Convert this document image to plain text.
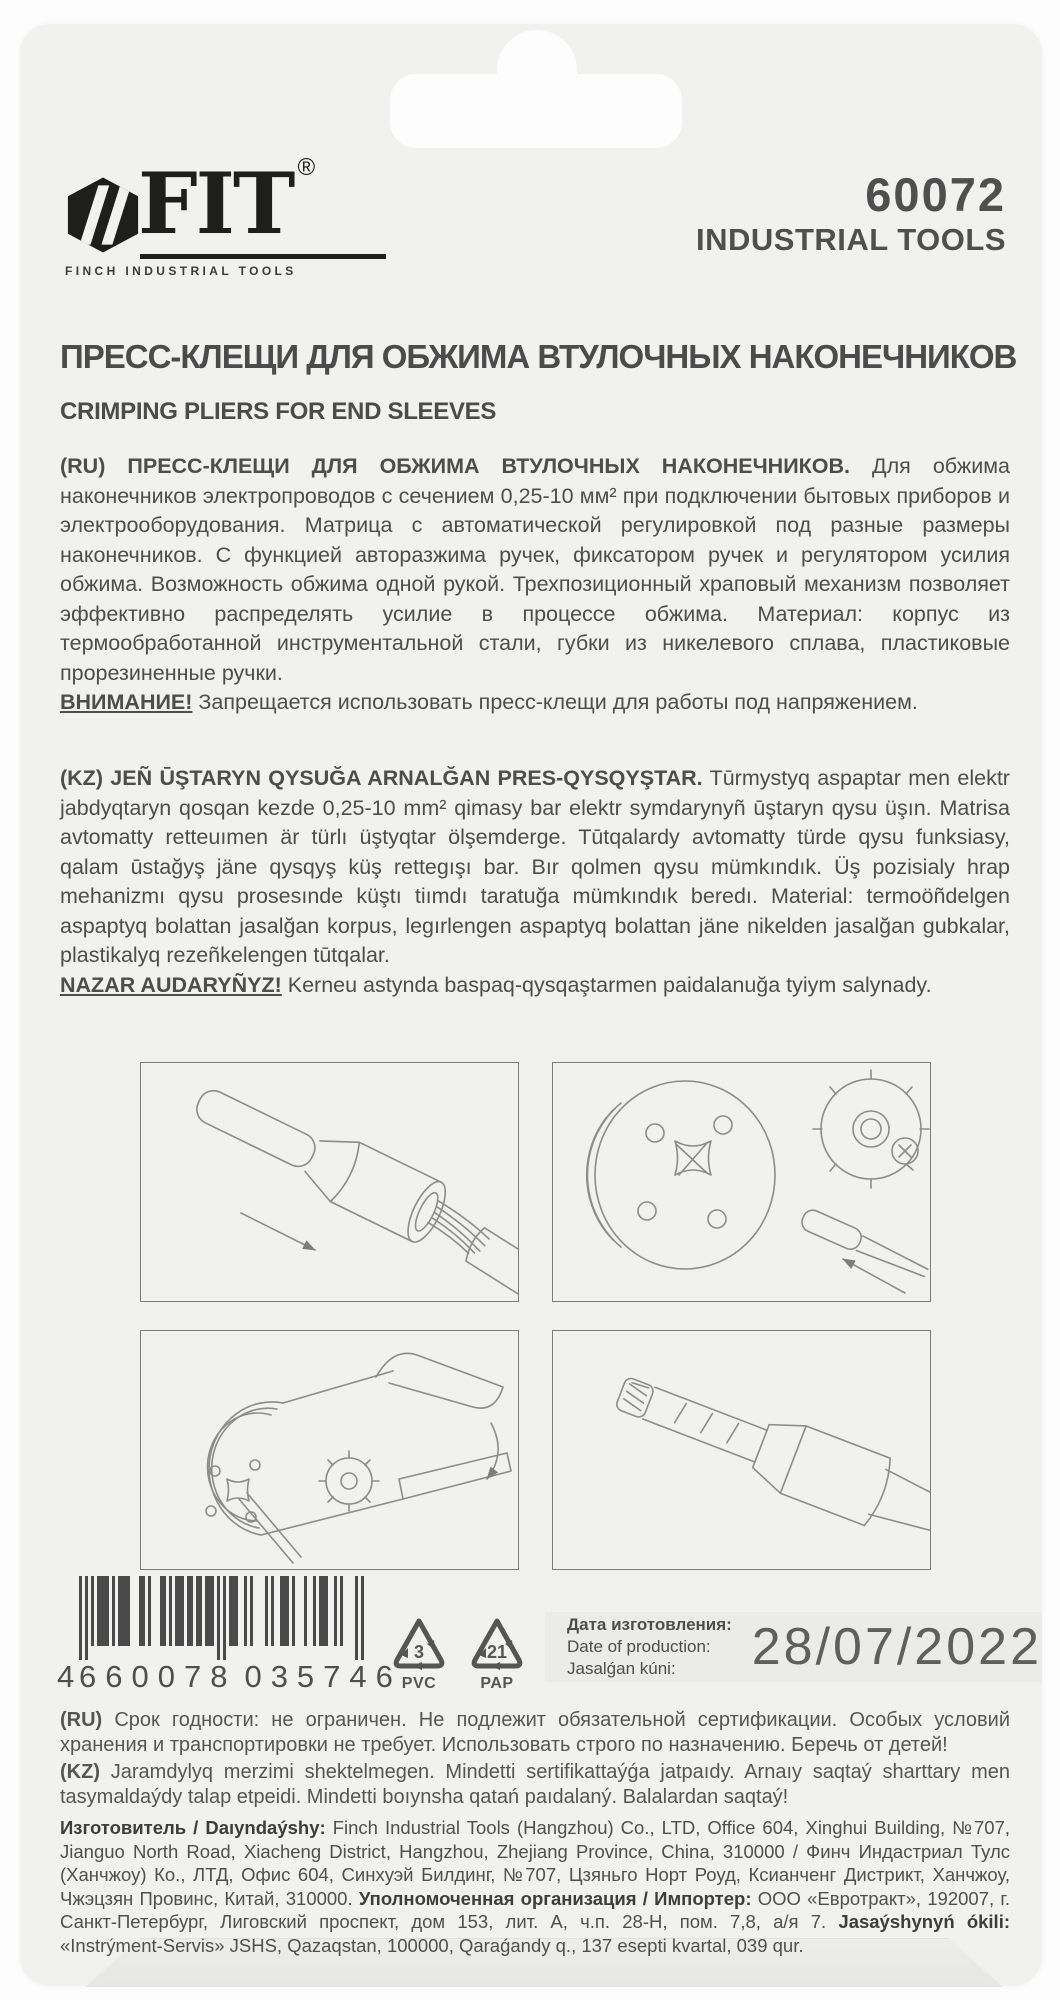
FIT ®
FINCH INDUSTRIAL TOOLS
60072
INDUSTRIAL TOOLS
ПРЕСС-КЛЕЩИ ДЛЯ ОБЖИМА ВТУЛОЧНЫХ НАКОНЕЧНИКОВ
CRIMPING PLIERS FOR END SLEEVES

(RU) ПРЕСС-КЛЕЩИ ДЛЯ ОБЖИМА ВТУЛОЧНЫХ НАКОНЕЧНИКОВ. Для обжима наконечников электропроводов с сечением 0,25-10 мм² при подключении бытовых приборов и электрооборудования. Матрица с автоматической регулировкой под разные размеры наконечников. С функцией авторазжима ручек, фиксатором ручек и регулятором усилия обжима. Возможность обжима одной рукой. Трехпозиционный храповый механизм позволяет эффективно распределять усилие в процессе обжима. Материал: корпус из термообработанной инструментальной стали, губки из никелевого сплава, пластиковые прорезиненные ручки.

ВНИМАНИЕ! Запрещается использовать пресс-клещи для работы под напряжением.

(KZ) JEÑ ŪŞTARYN QYSUĞA ARNALĞAN PRES-QYSQYŞTAR. Tūrmystyq aspaptar men elektr jabdyqtaryn qosqan kezde 0,25-10 mm² qimasy bar elektr symdarynyñ ūştaryn qysu üşın. Matrisa avtomatty retteuımen är türlı üştyqtar ölşemderge. Tūtqalardy avtomatty türde qysu funksiasy, qalam ūstağyş jäne qysqyş küş rettegışı bar. Bır qolmen qysu mümkındık. Üş pozisialy hrap mehanizmı qysu prosesınde küştı tiımdı taratuğa mümkındık beredı. Material: termoöñdelgen aspaptyq bolattan jasalğan korpus, legırlengen aspaptyq bolattan jäne nikelden jasalğan gubkalar, plastikalyq rezeñkelengen tūtqalar.

NAZAR AUDARYÑYZ! Kerneu astynda baspaq-qysqaştarmen paidalanuğa tyiym salynady.

4 660078 035746
3
PVC
21
PAP
Дата изготовления:
Date of production:
Jasalǵan kúni:	28/07/2022

(RU) Срок годности: не ограничен. Не подлежит обязательной сертификации. Особых условий хранения и транспортировки не требует. Использовать строго по назначению. Беречь от детей!

(KZ) Jaramdylyq merzimi shektelmegen. Mindetti sertifikattaýǵa jatpaıdy. Arnaıy saqtaý sharttary men tasymaldaýdy talap etpeidi. Mindetti boıynsha qatań paıdalaný. Balalardan saqtaý!

Изготовитель / Daıyndaýshy: Finch Industrial Tools (Hangzhou) Co., LTD, Office 604, Xinghui Building, №707, Jianguo North Road, Xiacheng District, Hangzhou, Zhejiang Province, China, 310000 / Финч Индастриал Тулс (Ханчжоу) Ко., ЛТД, Офис 604, Синхуэй Билдинг, №707, Цзяньго Норт Роуд, Ксианченг Дистрикт, Ханчжоу, Чжэцзян Провинс, Китай, 310000. Уполномоченная организация / Импортер: ООО «Евротракт», 192007, г. Санкт-Петербург, Лиговский проспект, дом 153, лит. А, ч.п. 28-Н, пом. 7,8, а/я 7. Jasaýshynyń ókili: «Instrýment-Servis» JSHS, Qazaqstan, 100000, Qaraǵandy q., 137 esepti kvartal, 039 qur.
